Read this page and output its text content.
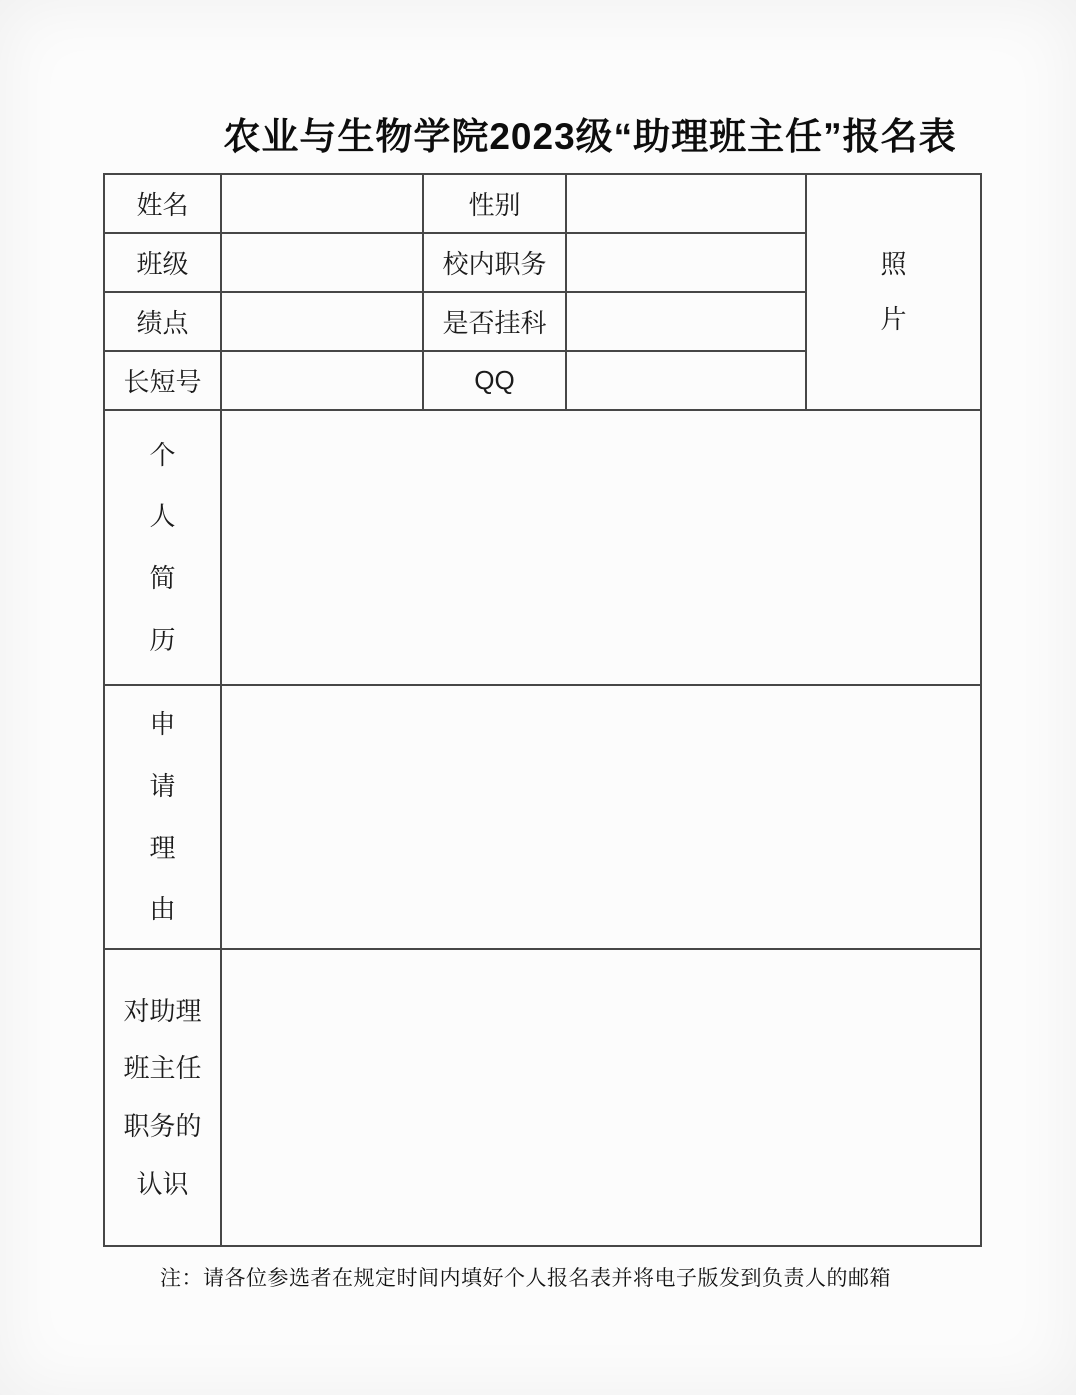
农业与生物学院2023级“助理班主任”报名表
姓名		性别		照
片

班级		校内职务		
绩点		是否挂科		
长短号		QQ		

个
人
简
历				

申
请
理
由				

对助理
班主任
职务的
认识				

注：请各位参选者在规定时间内填好个人报名表并将电子版发到负责人的邮箱
